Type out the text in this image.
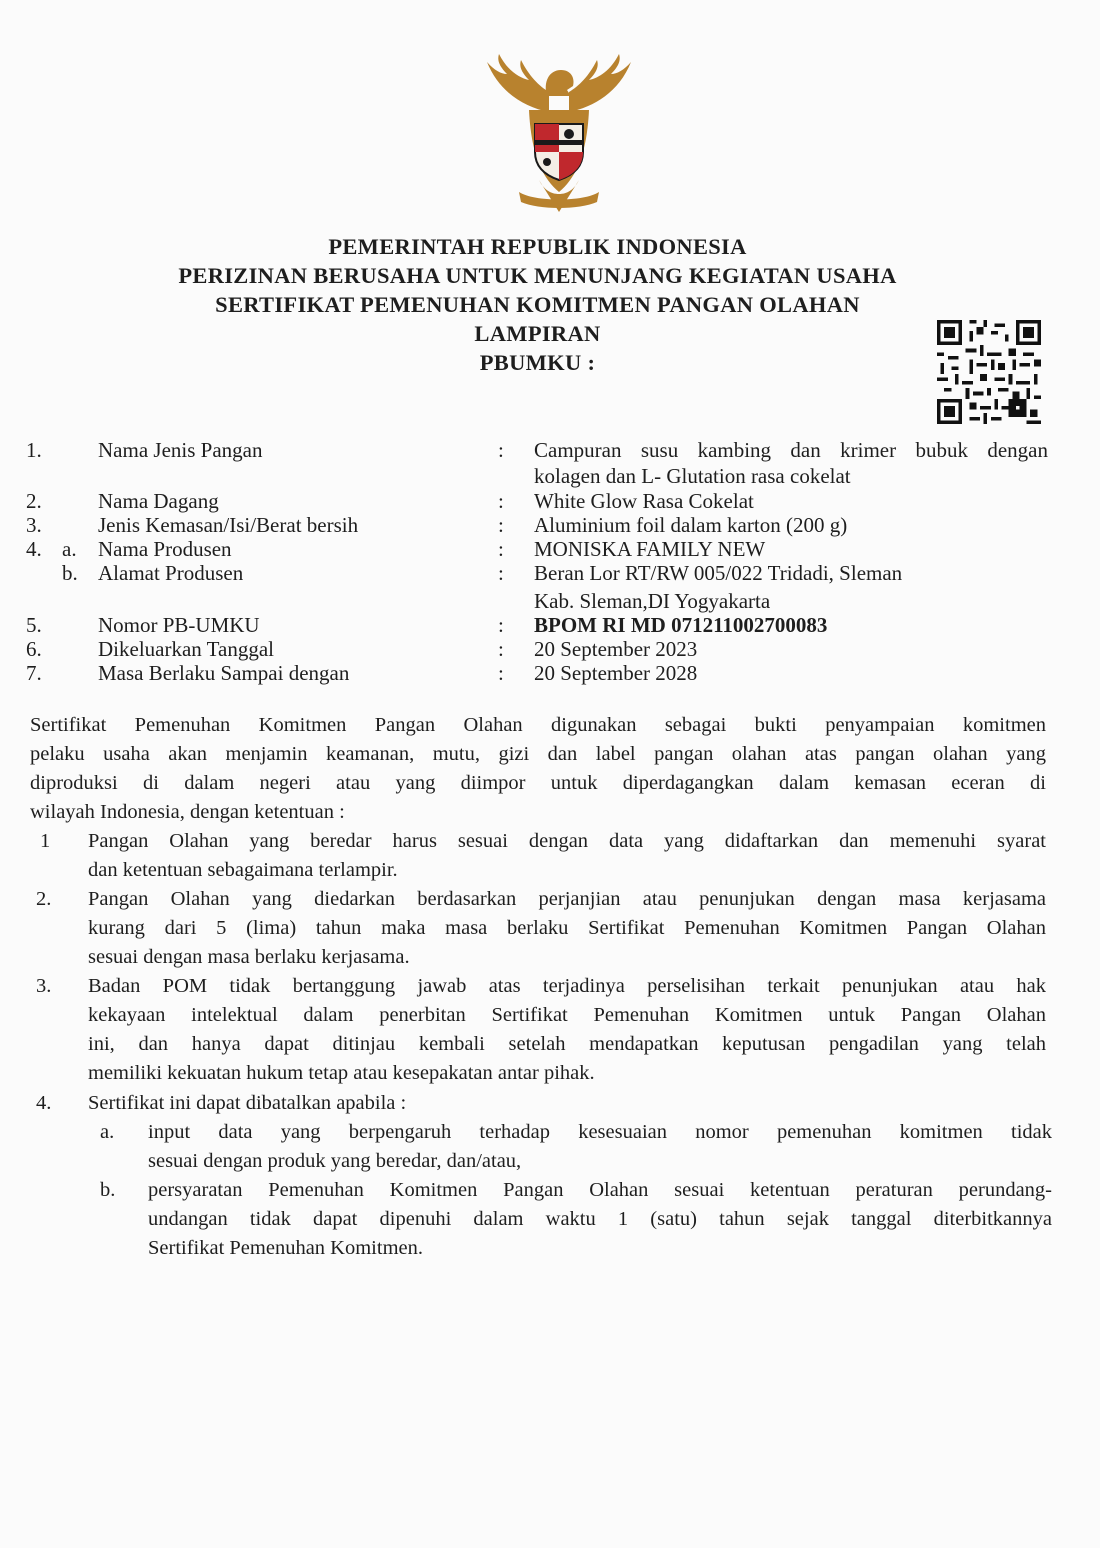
PEMERINTAH REPUBLIK INDONESIA
PERIZINAN BERUSAHA UNTUK MENUNJANG KEGIATAN USAHA
SERTIFIKAT PEMENUHAN KOMITMEN PANGAN OLAHAN
LAMPIRAN
PBUMKU :
1.	Nama Jenis Pangan	: Campuran susu kambing dan krimer bubuk dengan
kolagen dan L- Glutation rasa cokelat
2.	Nama Dagang	: White Glow Rasa Cokelat
3.	Jenis Kemasan/Isi/Berat bersih	: Aluminium foil dalam karton (200 g)
4. a. Nama Produsen	: MONISKA FAMILY NEW
b. Alamat Produsen	: Beran Lor RT/RW 005/022 Tridadi, Sleman
Kab. Sleman,DI Yogyakarta
5.	Nomor PB-UMKU	: BPOM RI MD 071211002700083
6.	Dikeluarkan Tanggal	: 20 September 2023
7.	Masa Berlaku Sampai dengan	: 20 September 2028
Sertifikat Pemenuhan Komitmen Pangan Olahan digunakan sebagai bukti penyampaian komitmen
pelaku usaha akan menjamin keamanan, mutu, gizi dan label pangan olahan atas pangan olahan yang
diproduksi di dalam negeri atau yang diimpor untuk diperdagangkan dalam kemasan eceran di
wilayah Indonesia, dengan ketentuan :
1 Pangan Olahan yang beredar harus sesuai dengan data yang didaftarkan dan memenuhi syarat
dan ketentuan sebagaimana terlampir.
2. Pangan Olahan yang diedarkan berdasarkan perjanjian atau penunjukan dengan masa kerjasama
kurang dari 5 (lima) tahun maka masa berlaku Sertifikat Pemenuhan Komitmen Pangan Olahan
sesuai dengan masa berlaku kerjasama.
3. Badan POM tidak bertanggung jawab atas terjadinya perselisihan terkait penunjukan atau hak
kekayaan intelektual dalam penerbitan Sertifikat Pemenuhan Komitmen untuk Pangan Olahan
ini, dan hanya dapat ditinjau kembali setelah mendapatkan keputusan pengadilan yang telah
memiliki kekuatan hukum tetap atau kesepakatan antar pihak.
4. Sertifikat ini dapat dibatalkan apabila :
a. input data yang berpengaruh terhadap kesesuaian nomor pemenuhan komitmen tidak
sesuai dengan produk yang beredar, dan/atau,
b. persyaratan Pemenuhan Komitmen Pangan Olahan sesuai ketentuan peraturan perundang-
undangan tidak dapat dipenuhi dalam waktu 1 (satu) tahun sejak tanggal diterbitkannya
Sertifikat Pemenuhan Komitmen.
